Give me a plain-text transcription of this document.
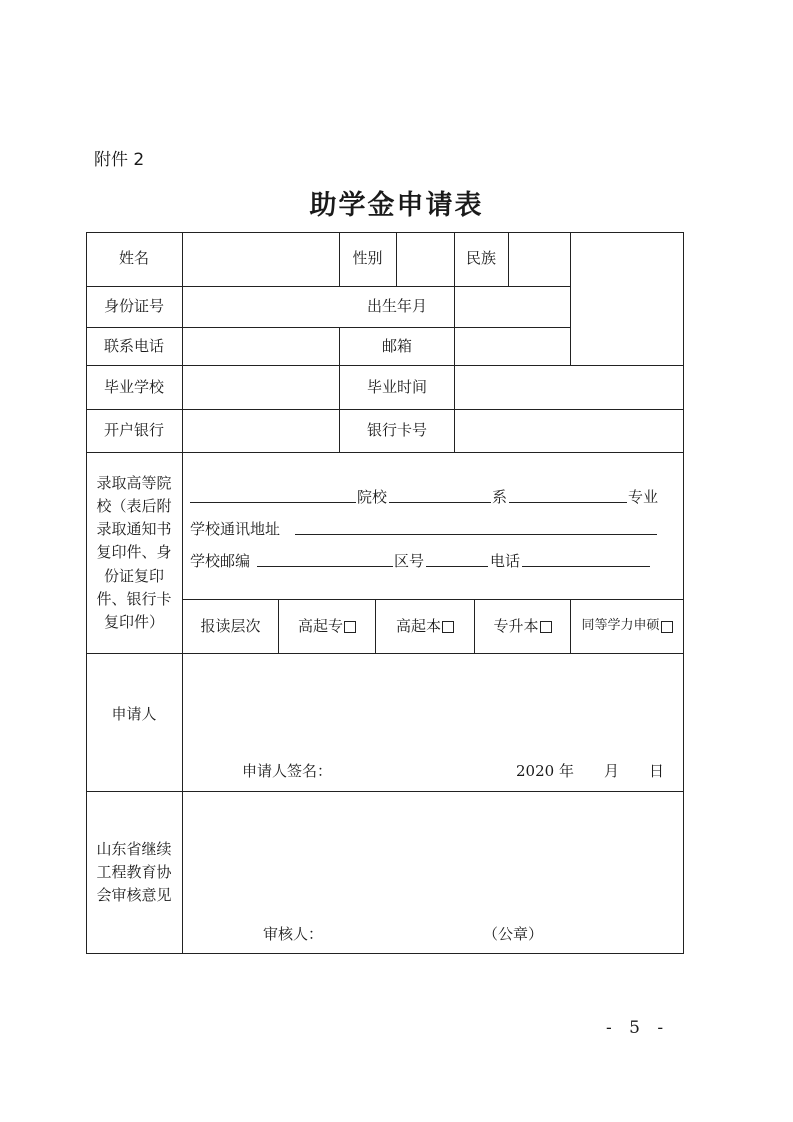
附件 2
助学金申请表
姓名	性别	民族
身份证号	出生年月
联系电话	邮箱
毕业学校	毕业时间
开户银行	银行卡号
录取高等院校（表后附录取通知书复印件、身份证复印件、银行卡复印件）
院校	系	专业
学校通讯地址
学校邮编	区号	电话
报读层次	高起专	高起本	专升本	同等学力申硕
申请人
申请人签名：	2020 年　　月　　日
山东省继续工程教育协会审核意见
审核人：	（公章）
- 5 -
